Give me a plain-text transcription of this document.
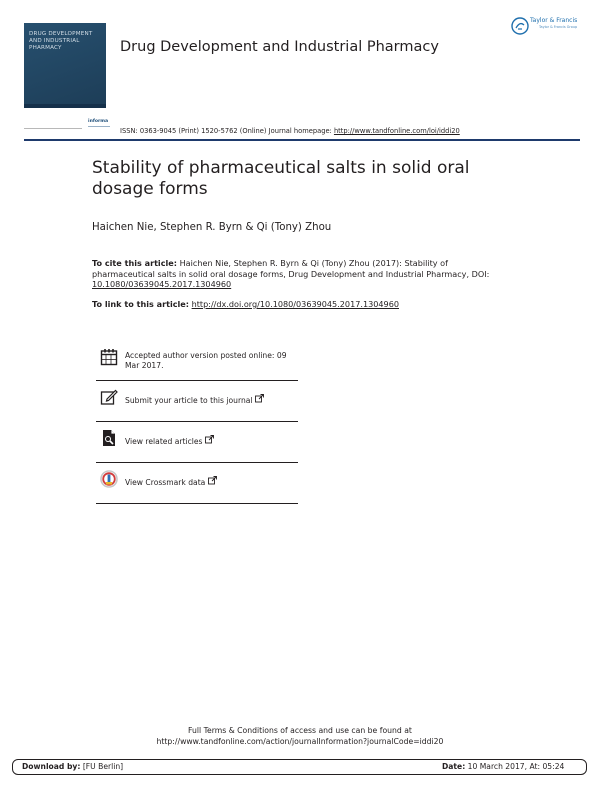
DRUG DEVELOPMENT AND INDUSTRIAL PHARMACY	Drug Development and Industrial Pharmacy
Taylor & Francis
Taylor & Francis Group
informa
ISSN: 0363-9045 (Print) 1520-5762 (Online) Journal homepage: http://www.tandfonline.com/loi/iddi20
Stability of pharmaceutical salts in solid oral dosage forms
Haichen Nie, Stephen R. Byrn & Qi (Tony) Zhou
To cite this article: Haichen Nie, Stephen R. Byrn & Qi (Tony) Zhou (2017): Stability of pharmaceutical salts in solid oral dosage forms, Drug Development and Industrial Pharmacy, DOI: 10.1080/03639045.2017.1304960
To link to this article: http://dx.doi.org/10.1080/03639045.2017.1304960
Accepted author version posted online: 09 Mar 2017.
Submit your article to this journal
View related articles
View Crossmark data
Full Terms & Conditions of access and use can be found at
http://www.tandfonline.com/action/journalInformation?journalCode=iddi20
Download by: [FU Berlin]	Date: 10 March 2017, At: 05:24
